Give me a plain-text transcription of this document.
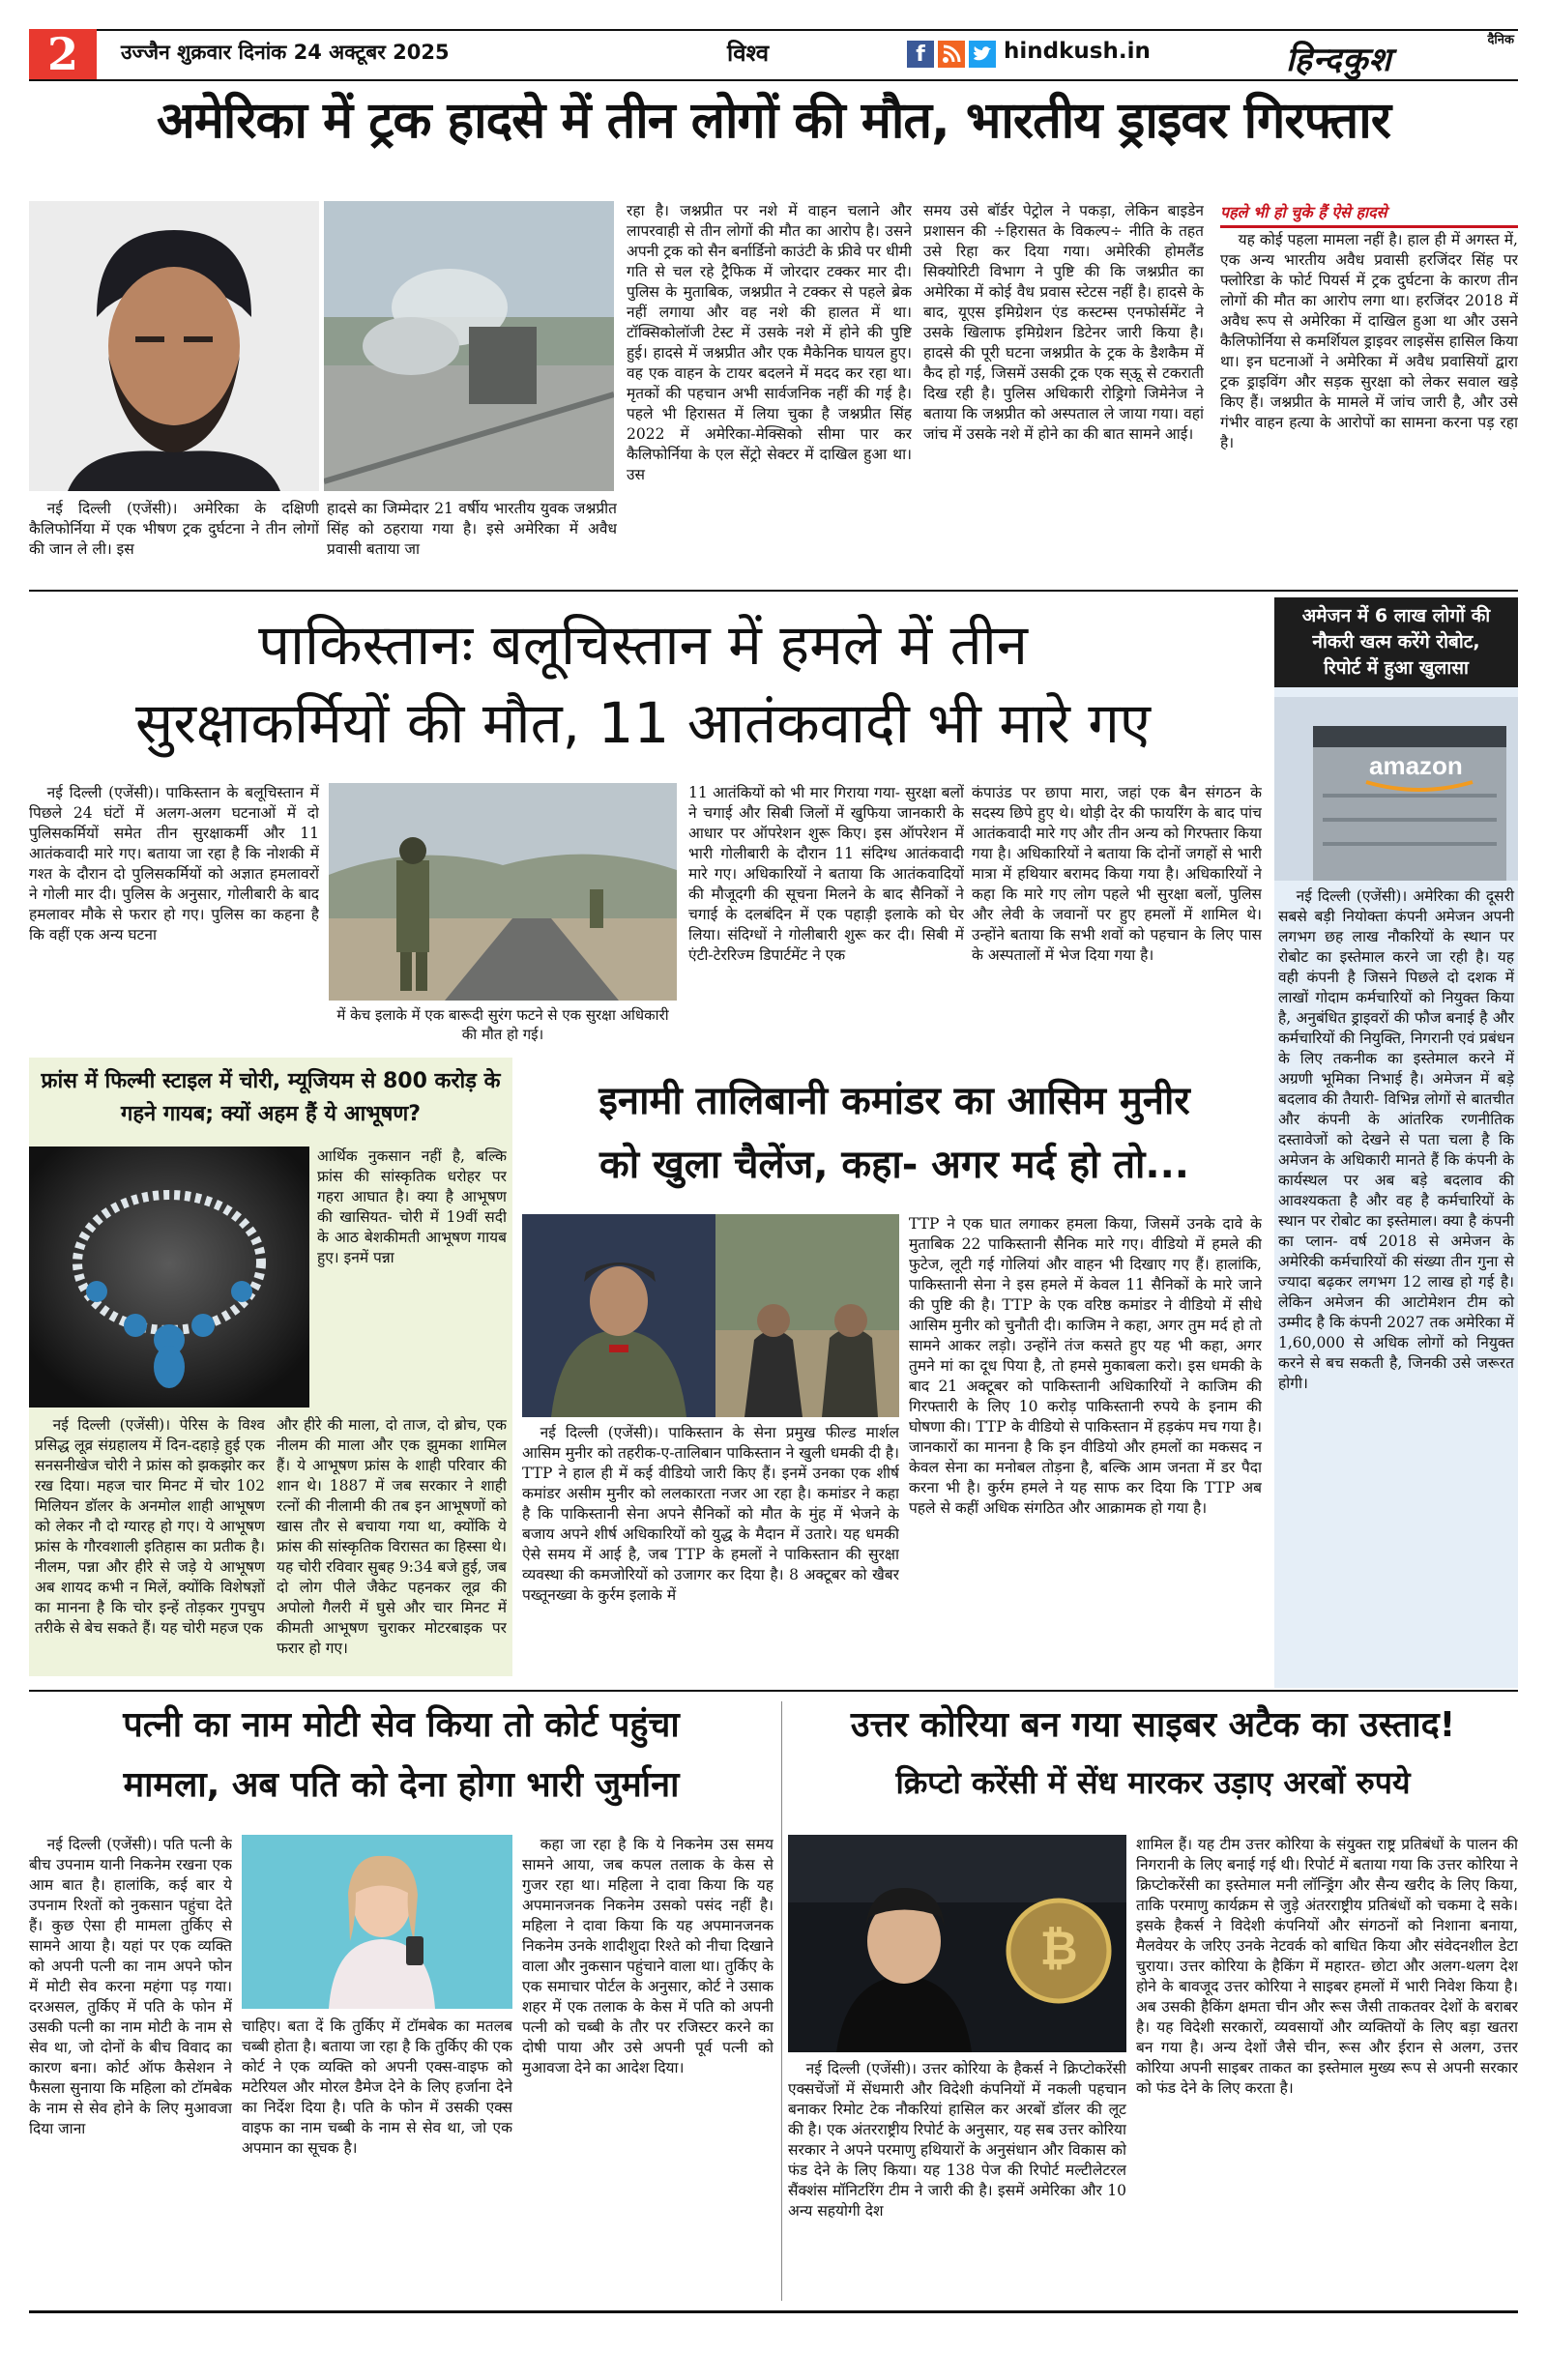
2	उज्जैन शुक्रवार दिनांक 24 अक्टूबर 2025	विश्व	f	hindkush.in	दैनिक
हिन्दकुश
अमेरिका में ट्रक हादसे में तीन लोगों की मौत, भारतीय ड्राइवर गिरफ्तार
नई दिल्ली (एजेंसी)। अमेरिका के दक्षिणी कैलिफोर्निया में एक भीषण ट्रक दुर्घटना ने तीन लोगों की जान ले ली। इस
हादसे का जिम्मेदार 21 वर्षीय भारतीय युवक जश्नप्रीत सिंह को ठहराया गया है। इसे अमेरिका में अवैध प्रवासी बताया जा
रहा है। जश्नप्रीत पर नशे में वाहन चलाने और लापरवाही से तीन लोगों की मौत का आरोप है। उसने अपनी ट्रक को सैन बर्नार्डिनो काउंटी के फ्रीवे पर धीमी गति से चल रहे ट्रैफिक में जोरदार टक्कर मार दी। पुलिस के मुताबिक, जश्नप्रीत ने टक्कर से पहले ब्रेक नहीं लगाया और वह नशे की हालत में था। टॉक्सिकोलॉजी टेस्ट में उसके नशे में होने की पुष्टि हुई। हादसे में जश्नप्रीत और एक मैकेनिक घायल हुए। वह एक वाहन के टायर बदलने में मदद कर रहा था। मृतकों की पहचान अभी सार्वजनिक नहीं की गई है। पहले भी हिरासत में लिया चुका है जश्नप्रीत सिंह 2022 में अमेरिका-मेक्सिको सीमा पार कर कैलिफोर्निया के एल सेंट्रो सेक्टर में दाखिल हुआ था। उस
समय उसे बॉर्डर पेट्रोल ने पकड़ा, लेकिन बाइडेन प्रशासन की ÷हिरासत के विकल्प÷ नीति के तहत उसे रिहा कर दिया गया। अमेरिकी होमलैंड सिक्योरिटी विभाग ने पुष्टि की कि जश्नप्रीत का अमेरिका में कोई वैध प्रवास स्टेटस नहीं है। हादसे के बाद, यूएस इमिग्रेशन एंड कस्टम्स एनफोर्समेंट ने उसके खिलाफ इमिग्रेशन डिटेनर जारी किया है। हादसे की पूरी घटना जश्नप्रीत के ट्रक के डैशकैम में कैद हो गई, जिसमें उसकी ट्रक एक स्ऊू से टकराती दिख रही है। पुलिस अधिकारी रोड्रिगो जिमेनेज ने बताया कि जश्नप्रीत को अस्पताल ले जाया गया। वहां जांच में उसके नशे में होने का की बात सामने आई।
पहले भी हो चुके हैं ऐसे हादसे
यह कोई पहला मामला नहीं है। हाल ही में अगस्त में, एक अन्य भारतीय अवैध प्रवासी हरजिंदर सिंह पर फ्लोरिडा के फोर्ट पियर्स में ट्रक दुर्घटना के कारण तीन लोगों की मौत का आरोप लगा था। हरजिंदर 2018 में अवैध रूप से अमेरिका में दाखिल हुआ था और उसने कैलिफोर्निया से कमर्शियल ड्राइवर लाइसेंस हासिल किया था। इन घटनाओं ने अमेरिका में अवैध प्रवासियों द्वारा ट्रक ड्राइविंग और सड़क सुरक्षा को लेकर सवाल खड़े किए हैं। जश्नप्रीत के मामले में जांच जारी है, और उसे गंभीर वाहन हत्या के आरोपों का सामना करना पड़ रहा है।
पाकिस्तानः बलूचिस्तान में हमले में तीन
सुरक्षाकर्मियों की मौत, 11 आतंकवादी भी मारे गए
नई दिल्ली (एजेंसी)। पाकिस्तान के बलूचिस्तान में पिछले 24 घंटों में अलग-अलग घटनाओं में दो पुलिसकर्मियों समेत तीन सुरक्षाकर्मी और 11 आतंकवादी मारे गए। बताया जा रहा है कि नोशकी में गश्त के दौरान दो पुलिसकर्मियों को अज्ञात हमलावरों ने गोली मार दी। पुलिस के अनुसार, गोलीबारी के बाद हमलावर मौके से फरार हो गए। पुलिस का कहना है कि वहीं एक अन्य घटना
में केच इलाके में एक बारूदी सुरंग फटने से एक सुरक्षा अधिकारी की मौत हो गई।
11 आतंकियों को भी मार गिराया गया- सुरक्षा बलों ने चगाई और सिबी जिलों में खुफिया जानकारी के आधार पर ऑपरेशन शुरू किए। इस ऑपरेशन में भारी गोलीबारी के दौरान 11 संदिग्ध आतंकवादी मारे गए। अधिकारियों ने बताया कि आतंकवादियों की मौजूदगी की सूचना मिलने के बाद सैनिकों ने चगाई के दलबंदिन में एक पहाड़ी इलाके को घेर लिया। संदिग्धों ने गोलीबारी शुरू कर दी। सिबी में एंटी-टेररिज्म डिपार्टमेंट ने एक
कंपाउंड पर छापा मारा, जहां एक बैन संगठन के सदस्य छिपे हुए थे। थोड़ी देर की फायरिंग के बाद पांच आतंकवादी मारे गए और तीन अन्य को गिरफ्तार किया गया है। अधिकारियों ने बताया कि दोनों जगहों से भारी मात्रा में हथियार बरामद किया गया है। अधिकारियों ने कहा कि मारे गए लोग पहले भी सुरक्षा बलों, पुलिस और लेवी के जवानों पर हुए हमलों में शामिल थे। उन्होंने बताया कि सभी शवों को पहचान के लिए पास के अस्पतालों में भेज दिया गया है।
अमेजन में 6 लाख लोगों की
नौकरी खत्म करेंगे रोबोट,
रिपोर्ट में हुआ खुलासा
amazon
नई दिल्ली (एजेंसी)। अमेरिका की दूसरी सबसे बड़ी नियोक्ता कंपनी अमेजन अपनी लगभग छह लाख नौकरियों के स्थान पर रोबोट का इस्तेमाल करने जा रही है। यह वही कंपनी है जिसने पिछले दो दशक में लाखों गोदाम कर्मचारियों को नियुक्त किया है, अनुबंधित ड्राइवरों की फौज बनाई है और कर्मचारियों की नियुक्ति, निगरानी एवं प्रबंधन के लिए तकनीक का इस्तेमाल करने में अग्रणी भूमिका निभाई है। अमेजन में बड़े बदलाव की तैयारी- विभिन्न लोगों से बातचीत और कंपनी के आंतरिक रणनीतिक दस्तावेजों को देखने से पता चला है कि अमेजन के अधिकारी मानते हैं कि कंपनी के कार्यस्थल पर अब बड़े बदलाव की आवश्यकता है और वह है कर्मचारियों के स्थान पर रोबोट का इस्तेमाल। क्या है कंपनी का प्लान- वर्ष 2018 से अमेजन के अमेरिकी कर्मचारियों की संख्या तीन गुना से ज्यादा बढ़कर लगभग 12 लाख हो गई है। लेकिन अमेजन की आटोमेशन टीम को उम्मीद है कि कंपनी 2027 तक अमेरिका में 1,60,000 से अधिक लोगों को नियुक्त करने से बच सकती है, जिनकी उसे जरूरत होगी।
फ्रांस में फिल्मी स्टाइल में चोरी, म्यूजियम से 800 करोड़ के गहने गायब; क्यों अहम हैं ये आभूषण?
आर्थिक नुकसान नहीं है, बल्कि फ्रांस की सांस्कृतिक धरोहर पर गहरा आघात है। क्या है आभूषण की खासियत- चोरी में 19वीं सदी के आठ बेशकीमती आभूषण गायब हुए। इनमें पन्ना
नई दिल्ली (एजेंसी)। पेरिस के विश्व प्रसिद्ध लूव्र संग्रहालय में दिन-दहाड़े हुई एक सनसनीखेज चोरी ने फ्रांस को झकझोर कर रख दिया। महज चार मिनट में चोर 102 मिलियन डॉलर के अनमोल शाही आभूषण को लेकर नौ दो ग्यारह हो गए। ये आभूषण फ्रांस के गौरवशाली इतिहास का प्रतीक है। नीलम, पन्ना और हीरे से जड़े ये आभूषण अब शायद कभी न मिलें, क्योंकि विशेषज्ञों का मानना है कि चोर इन्हें तोड़कर गुपचुप तरीके से बेच सकते हैं। यह चोरी महज एक
और हीरे की माला, दो ताज, दो ब्रोच, एक नीलम की माला और एक झुमका शामिल हैं। ये आभूषण फ्रांस के शाही परिवार की शान थे। 1887 में जब सरकार ने शाही रत्नों की नीलामी की तब इन आभूषणों को खास तौर से बचाया गया था, क्योंकि ये फ्रांस की सांस्कृतिक विरासत का हिस्सा थे। यह चोरी रविवार सुबह 9:34 बजे हुई, जब दो लोग पीले जैकेट पहनकर लूव्र की अपोलो गैलरी में घुसे और चार मिनट में कीमती आभूषण चुराकर मोटरबाइक पर फरार हो गए।
इनामी तालिबानी कमांडर का आसिम मुनीर
को खुला चैलेंज, कहा- अगर मर्द हो तो...
नई दिल्ली (एजेंसी)। पाकिस्तान के सेना प्रमुख फील्ड मार्शल आसिम मुनीर को तहरीक-ए-तालिबान पाकिस्तान ने खुली धमकी दी है। TTP ने हाल ही में कई वीडियो जारी किए हैं। इनमें उनका एक शीर्ष कमांडर असीम मुनीर को ललकारता नजर आ रहा है। कमांडर ने कहा है कि पाकिस्तानी सेना अपने सैनिकों को मौत के मुंह में भेजने के बजाय अपने शीर्ष अधिकारियों को युद्ध के मैदान में उतारे। यह धमकी ऐसे समय में आई है, जब TTP के हमलों ने पाकिस्तान की सुरक्षा व्यवस्था की कमजोरियों को उजागर कर दिया है। 8 अक्टूबर को खैबर पख्तूनख्वा के कुर्रम इलाके में
TTP ने एक घात लगाकर हमला किया, जिसमें उनके दावे के मुताबिक 22 पाकिस्तानी सैनिक मारे गए। वीडियो में हमले की फुटेज, लूटी गई गोलियां और वाहन भी दिखाए गए हैं। हालांकि, पाकिस्तानी सेना ने इस हमले में केवल 11 सैनिकों के मारे जाने की पुष्टि की है। TTP के एक वरिष्ठ कमांडर ने वीडियो में सीधे आसिम मुनीर को चुनौती दी। काजिम ने कहा, अगर तुम मर्द हो तो सामने आकर लड़ो। उन्होंने तंज कसते हुए यह भी कहा, अगर तुमने मां का दूध पिया है, तो हमसे मुकाबला करो। इस धमकी के बाद 21 अक्टूबर को पाकिस्तानी अधिकारियों ने काजिम की गिरफ्तारी के लिए 10 करोड़ पाकिस्तानी रुपये के इनाम की घोषणा की। TTP के वीडियो से पाकिस्तान में हड़कंप मच गया है। जानकारों का मानना है कि इन वीडियो और हमलों का मकसद न केवल सेना का मनोबल तोड़ना है, बल्कि आम जनता में डर पैदा करना भी है। कुर्रम हमले ने यह साफ कर दिया कि TTP अब पहले से कहीं अधिक संगठित और आक्रामक हो गया है।
पत्नी का नाम मोटी सेव किया तो कोर्ट पहुंचा
मामला, अब पति को देना होगा भारी जुर्माना
नई दिल्ली (एजेंसी)। पति पत्नी के बीच उपनाम यानी निकनेम रखना एक आम बात है। हालांकि, कई बार ये उपनाम रिश्तों को नुकसान पहुंचा देते हैं। कुछ ऐसा ही मामला तुर्किए से सामने आया है। यहां पर एक व्यक्ति को अपनी पत्नी का नाम अपने फोन में मोटी सेव करना महंगा पड़ गया। दरअसल, तुर्किए में पति के फोन में उसकी पत्नी का नाम मोटी के नाम से सेव था, जो दोनों के बीच विवाद का कारण बना। कोर्ट ऑफ कैसेशन ने फैसला सुनाया कि महिला को टॉमबेक के नाम से सेव होने के लिए मुआवजा दिया जाना
चाहिए। बता दें कि तुर्किए में टॉमबेक का मतलब चब्बी होता है। बताया जा रहा है कि तुर्किए की एक कोर्ट ने एक व्यक्ति को अपनी एक्स-वाइफ को मटेरियल और मोरल डैमेज देने के लिए हर्जाना देने का निर्देश दिया है। पति के फोन में उसकी एक्स वाइफ का नाम चब्बी के नाम से सेव था, जो एक अपमान का सूचक है।
कहा जा रहा है कि ये निकनेम उस समय सामने आया, जब कपल तलाक के केस से गुजर रहा था। महिला ने दावा किया कि यह अपमानजनक निकनेम उसको पसंद नहीं है। महिला ने दावा किया कि यह अपमानजनक निकनेम उनके शादीशुदा रिश्ते को नीचा दिखाने वाला और नुकसान पहुंचाने वाला था। तुर्किए के एक समाचार पोर्टल के अनुसार, कोर्ट ने उसाक शहर में एक तलाक के केस में पति को अपनी पत्नी को चब्बी के तौर पर रजिस्टर करने का दोषी पाया और उसे अपनी पूर्व पत्नी को मुआवजा देने का आदेश दिया।
उत्तर कोरिया बन गया साइबर अटैक का उस्ताद!
क्रिप्टो करेंसी में सेंध मारकर उड़ाए अरबों रुपये
₿
नई दिल्ली (एजेंसी)। उत्तर कोरिया के हैकर्स ने क्रिप्टोकरेंसी एक्सचेंजों में सेंधमारी और विदेशी कंपनियों में नकली पहचान बनाकर रिमोट टेक नौकरियां हासिल कर अरबों डॉलर की लूट की है। एक अंतरराष्ट्रीय रिपोर्ट के अनुसार, यह सब उत्तर कोरिया सरकार ने अपने परमाणु हथियारों के अनुसंधान और विकास को फंड देने के लिए किया। यह 138 पेज की रिपोर्ट मल्टीलेटरल सैंक्शंस मॉनिटरिंग टीम ने जारी की है। इसमें अमेरिका और 10 अन्य सहयोगी देश
शामिल हैं। यह टीम उत्तर कोरिया के संयुक्त राष्ट्र प्रतिबंधों के पालन की निगरानी के लिए बनाई गई थी। रिपोर्ट में बताया गया कि उत्तर कोरिया ने क्रिप्टोकरेंसी का इस्तेमाल मनी लॉन्ड्रिंग और सैन्य खरीद के लिए किया, ताकि परमाणु कार्यक्रम से जुड़े अंतरराष्ट्रीय प्रतिबंधों को चकमा दे सके। इसके हैकर्स ने विदेशी कंपनियों और संगठनों को निशाना बनाया, मैलवेयर के जरिए उनके नेटवर्क को बाधित किया और संवेदनशील डेटा चुराया। उत्तर कोरिया के हैकिंग में महारत- छोटा और अलग-थलग देश होने के बावजूद उत्तर कोरिया ने साइबर हमलों में भारी निवेश किया है। अब उसकी हैकिंग क्षमता चीन और रूस जैसी ताकतवर देशों के बराबर है। यह विदेशी सरकारों, व्यवसायों और व्यक्तियों के लिए बड़ा खतरा बन गया है। अन्य देशों जैसे चीन, रूस और ईरान से अलग, उत्तर कोरिया अपनी साइबर ताकत का इस्तेमाल मुख्य रूप से अपनी सरकार को फंड देने के लिए करता है।
